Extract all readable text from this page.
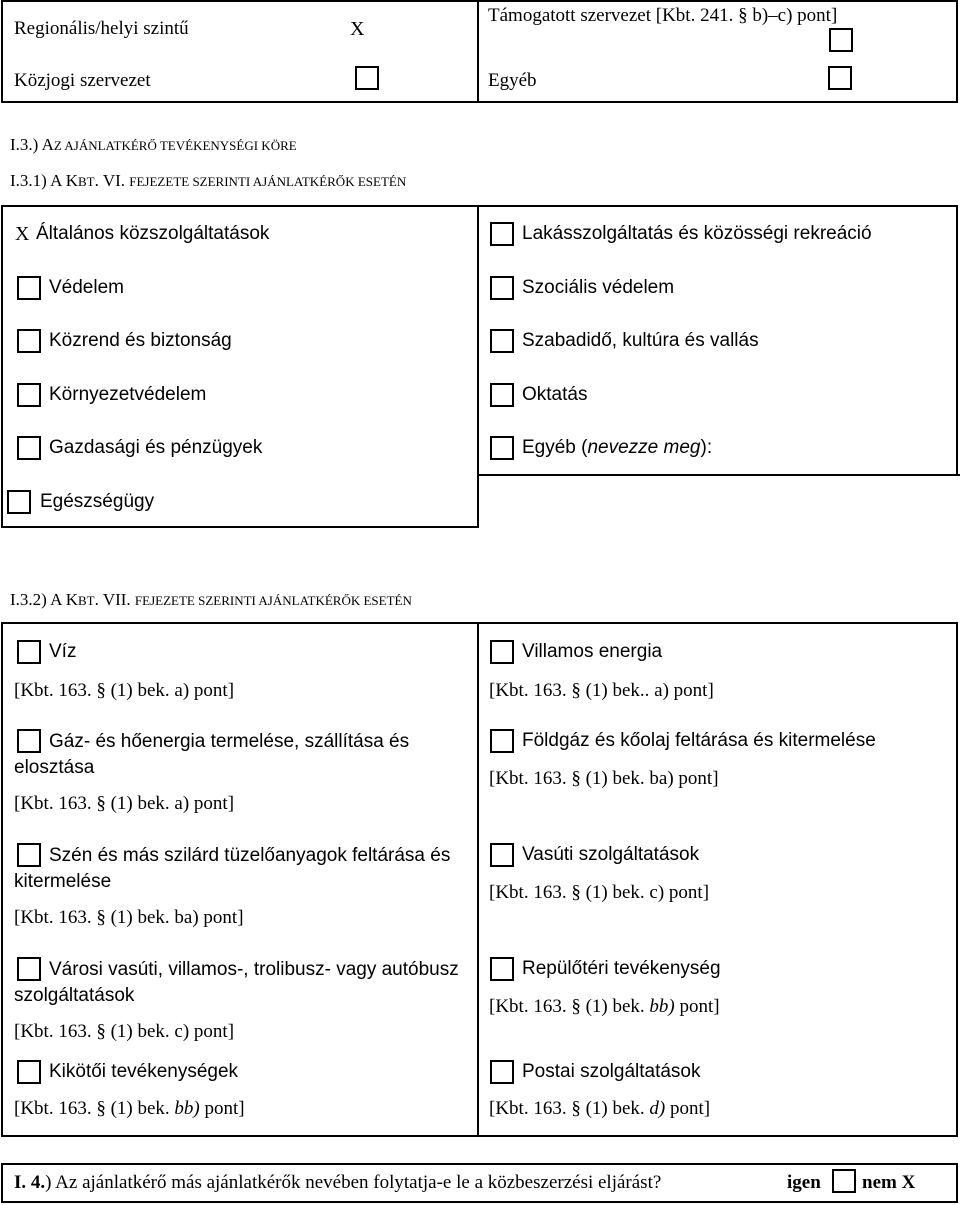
Regionális/helyi szintű	X
Támogatott szervezet [Kbt. 241. § b)–c) pont]
Közjogi szervezet	Egyéb
I.3.) AZ AJÁNLATKÉRŐ TEVÉKENYSÉGI KÖRE
I.3.1) A KBT. VI. FEJEZETE SZERINTI AJÁNLATKÉRŐK ESETÉN
X Általános közszolgáltatások
Védelem
Közrend és biztonság
Környezetvédelem
Gazdasági és pénzügyek
Egészségügy
Lakásszolgáltatás és közösségi rekreáció
Szociális védelem
Szabadidő, kultúra és vallás
Oktatás
Egyéb (nevezze meg):
I.3.2) A KBT. VII. FEJEZETE SZERINTI AJÁNLATKÉRŐK ESETÉN
Víz
[Kbt. 163. § (1) bek. a) pont]
Gáz- és hőenergia termelése, szállítása és elosztása
[Kbt. 163. § (1) bek. a) pont]
Szén és más szilárd tüzelőanyagok feltárása és kitermelése
[Kbt. 163. § (1) bek. ba) pont]
Városi vasúti, villamos-, trolibusz- vagy autóbusz szolgáltatások
[Kbt. 163. § (1) bek. c) pont]
Kikötői tevékenységek
[Kbt. 163. § (1) bek. bb) pont]
Villamos energia
[Kbt. 163. § (1) bek.. a) pont]
Földgáz és kőolaj feltárása és kitermelése
[Kbt. 163. § (1) bek. ba) pont]
Vasúti szolgáltatások
[Kbt. 163. § (1) bek. c) pont]
Repülőtéri tevékenység
[Kbt. 163. § (1) bek. bb) pont]
Postai szolgáltatások
[Kbt. 163. § (1) bek. d) pont]
I. 4.) Az ajánlatkérő más ajánlatkérők nevében folytatja-e le a közbeszerzési eljárást?	igen nem X
